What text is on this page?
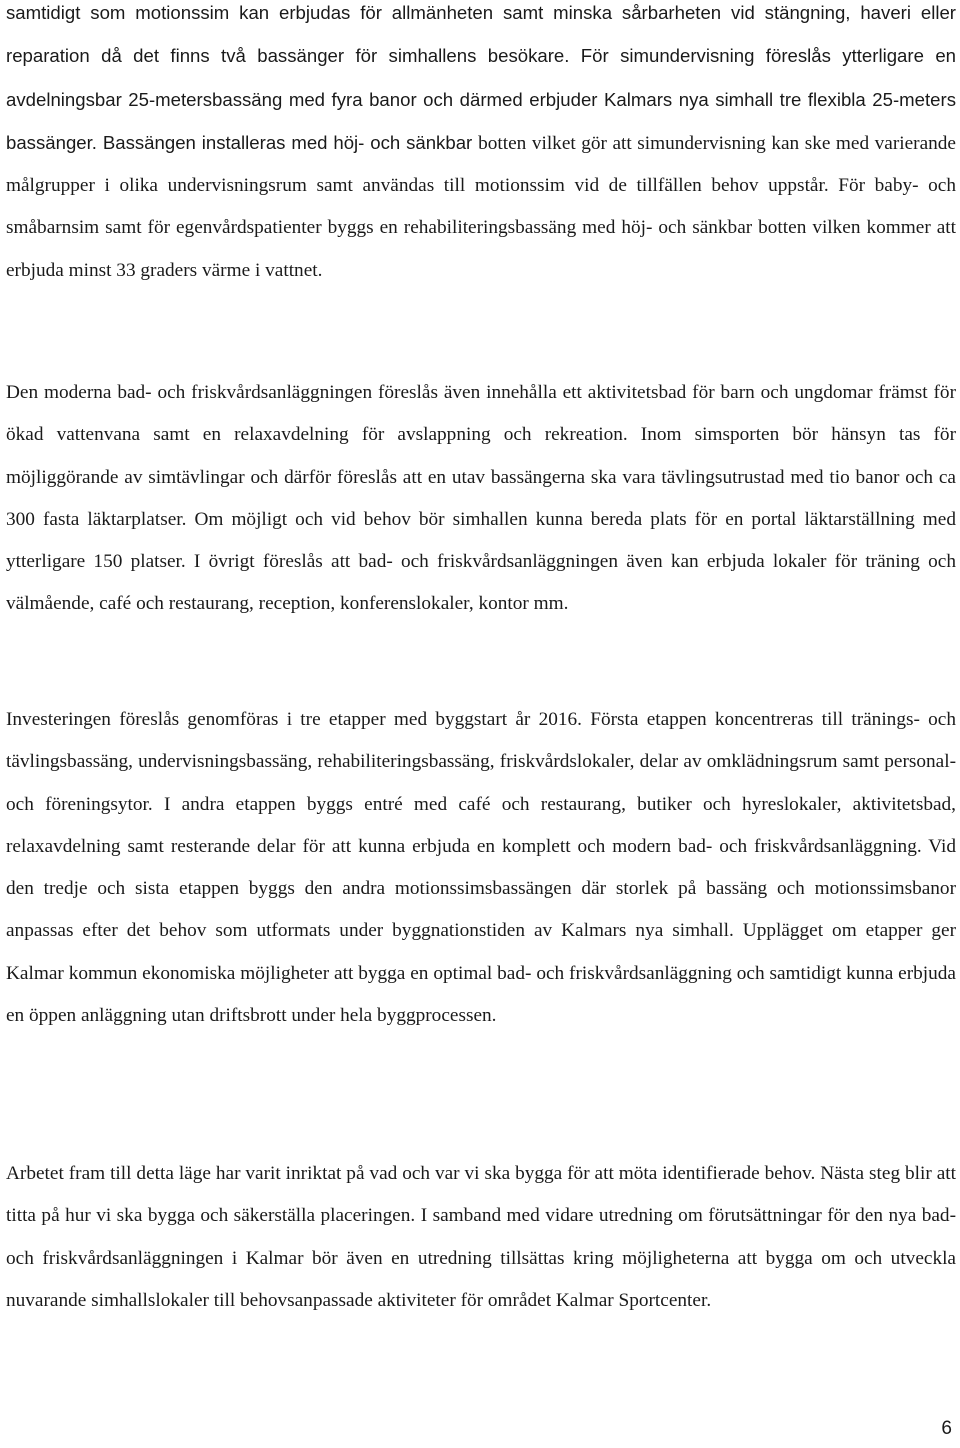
samtidigt som motionssim kan erbjudas för allmänheten samt minska sårbarheten vid stängning, haveri eller reparation då det finns två bassänger för simhallens besökare. För simundervisning föreslås ytterligare en avdelningsbar 25-metersbassäng med fyra banor och därmed erbjuder Kalmars nya simhall tre flexibla 25-meters bassänger. Bassängen installeras med höj- och sänkbar botten vilket gör att simundervisning kan ske med varierande målgrupper i olika undervisningsrum samt användas till motionssim vid de tillfällen behov uppstår. För baby- och småbarnsim samt för egenvårdspatienter byggs en rehabiliteringsbassäng med höj- och sänkbar botten vilken kommer att erbjuda minst 33 graders värme i vattnet.

Den moderna bad- och friskvårdsanläggningen föreslås även innehålla ett aktivitetsbad för barn och ungdomar främst för ökad vattenvana samt en relaxavdelning för avslappning och rekreation. Inom simsporten bör hänsyn tas för möjliggörande av simtävlingar och därför föreslås att en utav bassängerna ska vara tävlingsutrustad med tio banor och ca 300 fasta läktarplatser. Om möjligt och vid behov bör simhallen kunna bereda plats för en portal läktarställning med ytterligare 150 platser. I övrigt föreslås att bad- och friskvårdsanläggningen även kan erbjuda lokaler för träning och välmående, café och restaurang, reception, konferenslokaler, kontor mm.

Investeringen föreslås genomföras i tre etapper med byggstart år 2016. Första etappen koncentreras till tränings- och tävlingsbassäng, undervisningsbassäng, rehabiliteringsbassäng, friskvårdslokaler, delar av omklädningsrum samt personal- och föreningsytor. I andra etappen byggs entré med café och restaurang, butiker och hyreslokaler, aktivitetsbad, relaxavdelning samt resterande delar för att kunna erbjuda en komplett och modern bad- och friskvårdsanläggning. Vid den tredje och sista etappen byggs den andra motionssimsbassängen där storlek på bassäng och motionssimsbanor anpassas efter det behov som utformats under byggnationstiden av Kalmars nya simhall. Upplägget om etapper ger Kalmar kommun ekonomiska möjligheter att bygga en optimal bad- och friskvårdsanläggning och samtidigt kunna erbjuda en öppen anläggning utan driftsbrott under hela byggprocessen.

Arbetet fram till detta läge har varit inriktat på vad och var vi ska bygga för att möta identifierade behov. Nästa steg blir att titta på hur vi ska bygga och säkerställa placeringen. I samband med vidare utredning om förutsättningar för den nya bad- och friskvårdsanläggningen i Kalmar bör även en utredning tillsättas kring möjligheterna att bygga om och utveckla nuvarande simhallslokaler till behovsanpassade aktiviteter för området Kalmar Sportcenter.

6
